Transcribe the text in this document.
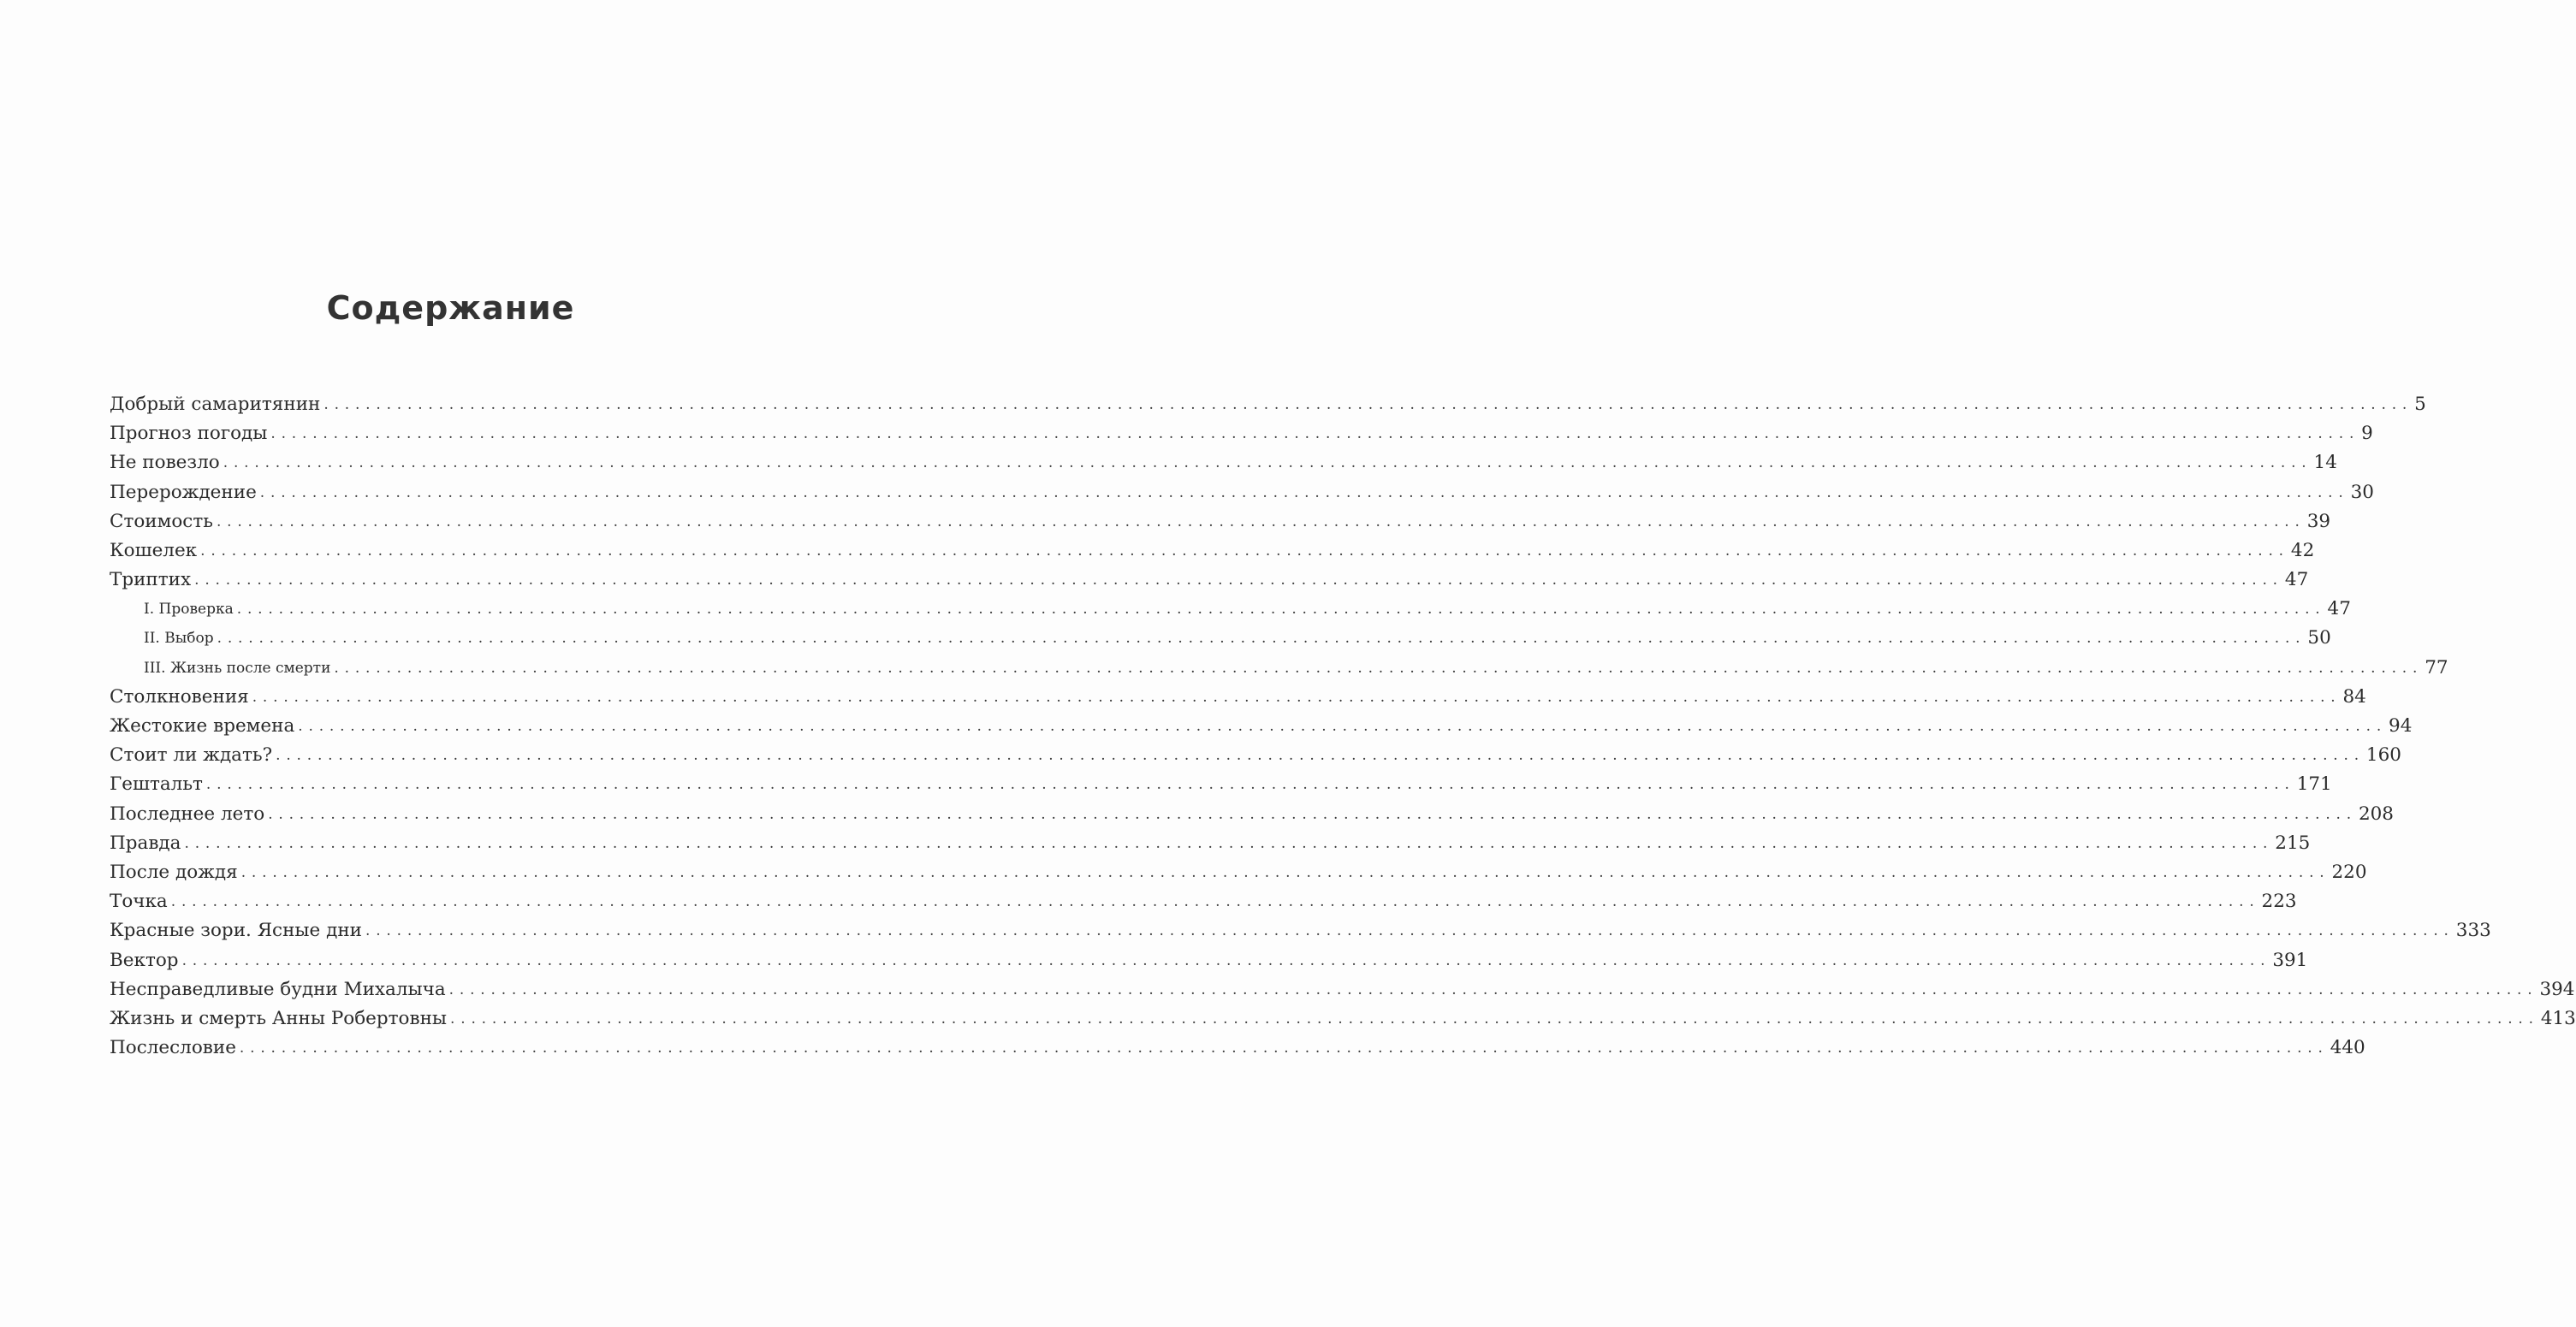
Содержание
Добрый самаритянин ........................................................................................................................................................................................................ 5
Прогноз погоды ........................................................................................................................................................................................................ 9
Не повезло ........................................................................................................................................................................................................ 14
Перерождение ........................................................................................................................................................................................................ 30
Стоимость ........................................................................................................................................................................................................ 39
Кошелек ........................................................................................................................................................................................................ 42
Триптих ........................................................................................................................................................................................................ 47
I. Проверка ........................................................................................................................................................................................................ 47
II. Выбор ........................................................................................................................................................................................................ 50
III. Жизнь после смерти ........................................................................................................................................................................................................ 77
Столкновения ........................................................................................................................................................................................................ 84
Жестокие времена ........................................................................................................................................................................................................ 94
Стоит ли ждать? ........................................................................................................................................................................................................ 160
Гештальт ........................................................................................................................................................................................................ 171
Последнее лето ........................................................................................................................................................................................................ 208
Правда ........................................................................................................................................................................................................ 215
После дождя ........................................................................................................................................................................................................ 220
Точка ........................................................................................................................................................................................................ 223
Красные зори. Ясные дни ........................................................................................................................................................................................................ 333
Вектор ........................................................................................................................................................................................................ 391
Несправедливые будни Михалыча ........................................................................................................................................................................................................ 394
Жизнь и смерть Анны Робертовны ........................................................................................................................................................................................................ 413
Послесловие ........................................................................................................................................................................................................ 440
